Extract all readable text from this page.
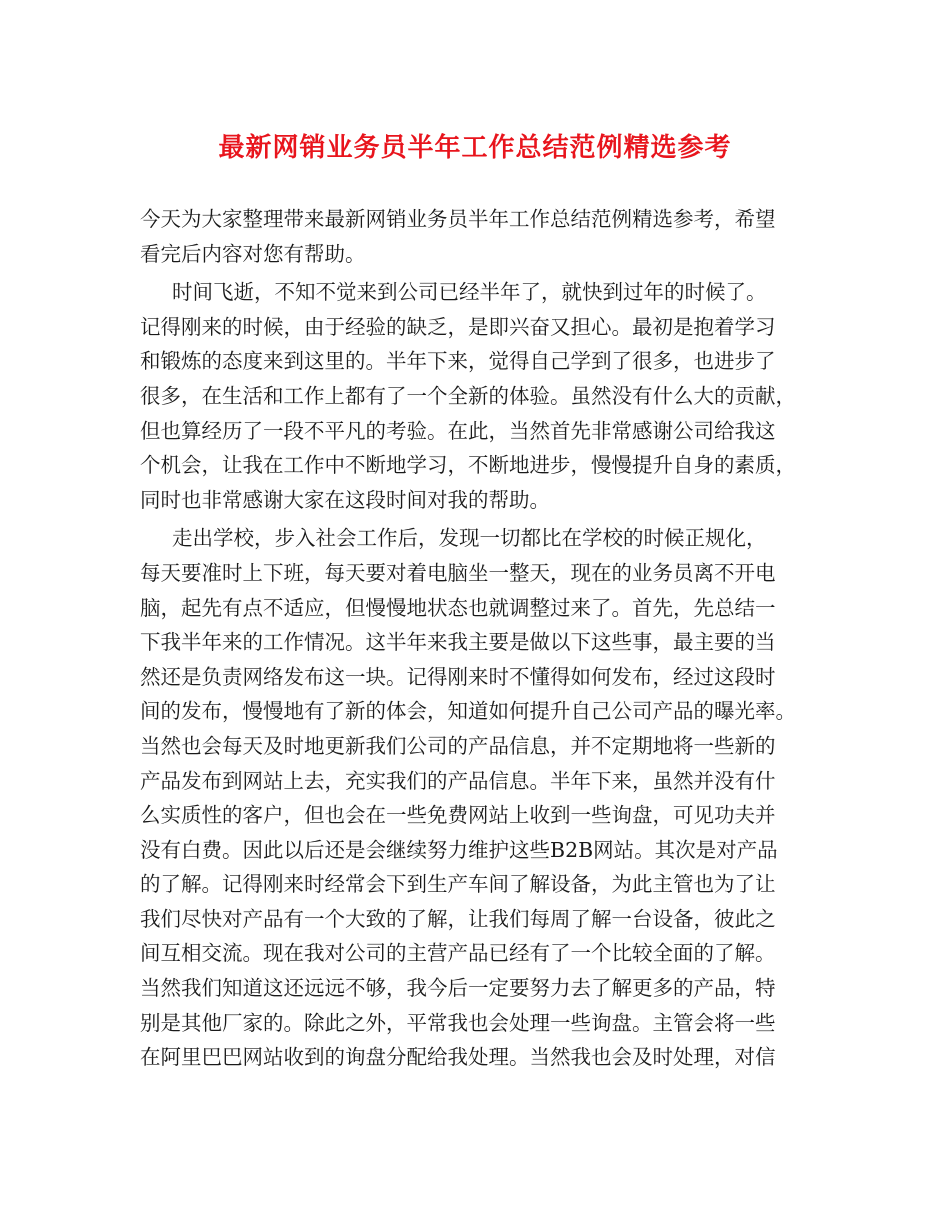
最新网销业务员半年工作总结范例精选参考
今天为大家整理带来最新网销业务员半年工作总结范例精选参考，希望
看完后内容对您有帮助。
时间飞逝，不知不觉来到公司已经半年了，就快到过年的时候了。
记得刚来的时候，由于经验的缺乏，是即兴奋又担心。最初是抱着学习
和锻炼的态度来到这里的。半年下来，觉得自己学到了很多，也进步了
很多，在生活和工作上都有了一个全新的体验。虽然没有什么大的贡献，
但也算经历了一段不平凡的考验。在此，当然首先非常感谢公司给我这
个机会，让我在工作中不断地学习，不断地进步，慢慢提升自身的素质，
同时也非常感谢大家在这段时间对我的帮助。
走出学校，步入社会工作后，发现一切都比在学校的时候正规化，
每天要准时上下班，每天要对着电脑坐一整天，现在的业务员离不开电
脑，起先有点不适应，但慢慢地状态也就调整过来了。首先，先总结一
下我半年来的工作情况。这半年来我主要是做以下这些事，最主要的当
然还是负责网络发布这一块。记得刚来时不懂得如何发布，经过这段时
间的发布，慢慢地有了新的体会，知道如何提升自己公司产品的曝光率。
当然也会每天及时地更新我们公司的产品信息，并不定期地将一些新的
产品发布到网站上去，充实我们的产品信息。半年下来，虽然并没有什
么实质性的客户，但也会在一些免费网站上收到一些询盘，可见功夫并
没有白费。因此以后还是会继续努力维护这些B2B网站。其次是对产品
的了解。记得刚来时经常会下到生产车间了解设备，为此主管也为了让
我们尽快对产品有一个大致的了解，让我们每周了解一台设备，彼此之
间互相交流。现在我对公司的主营产品已经有了一个比较全面的了解。
当然我们知道这还远远不够，我今后一定要努力去了解更多的产品，特
别是其他厂家的。除此之外，平常我也会处理一些询盘。主管会将一些
在阿里巴巴网站收到的询盘分配给我处理。当然我也会及时处理，对信
